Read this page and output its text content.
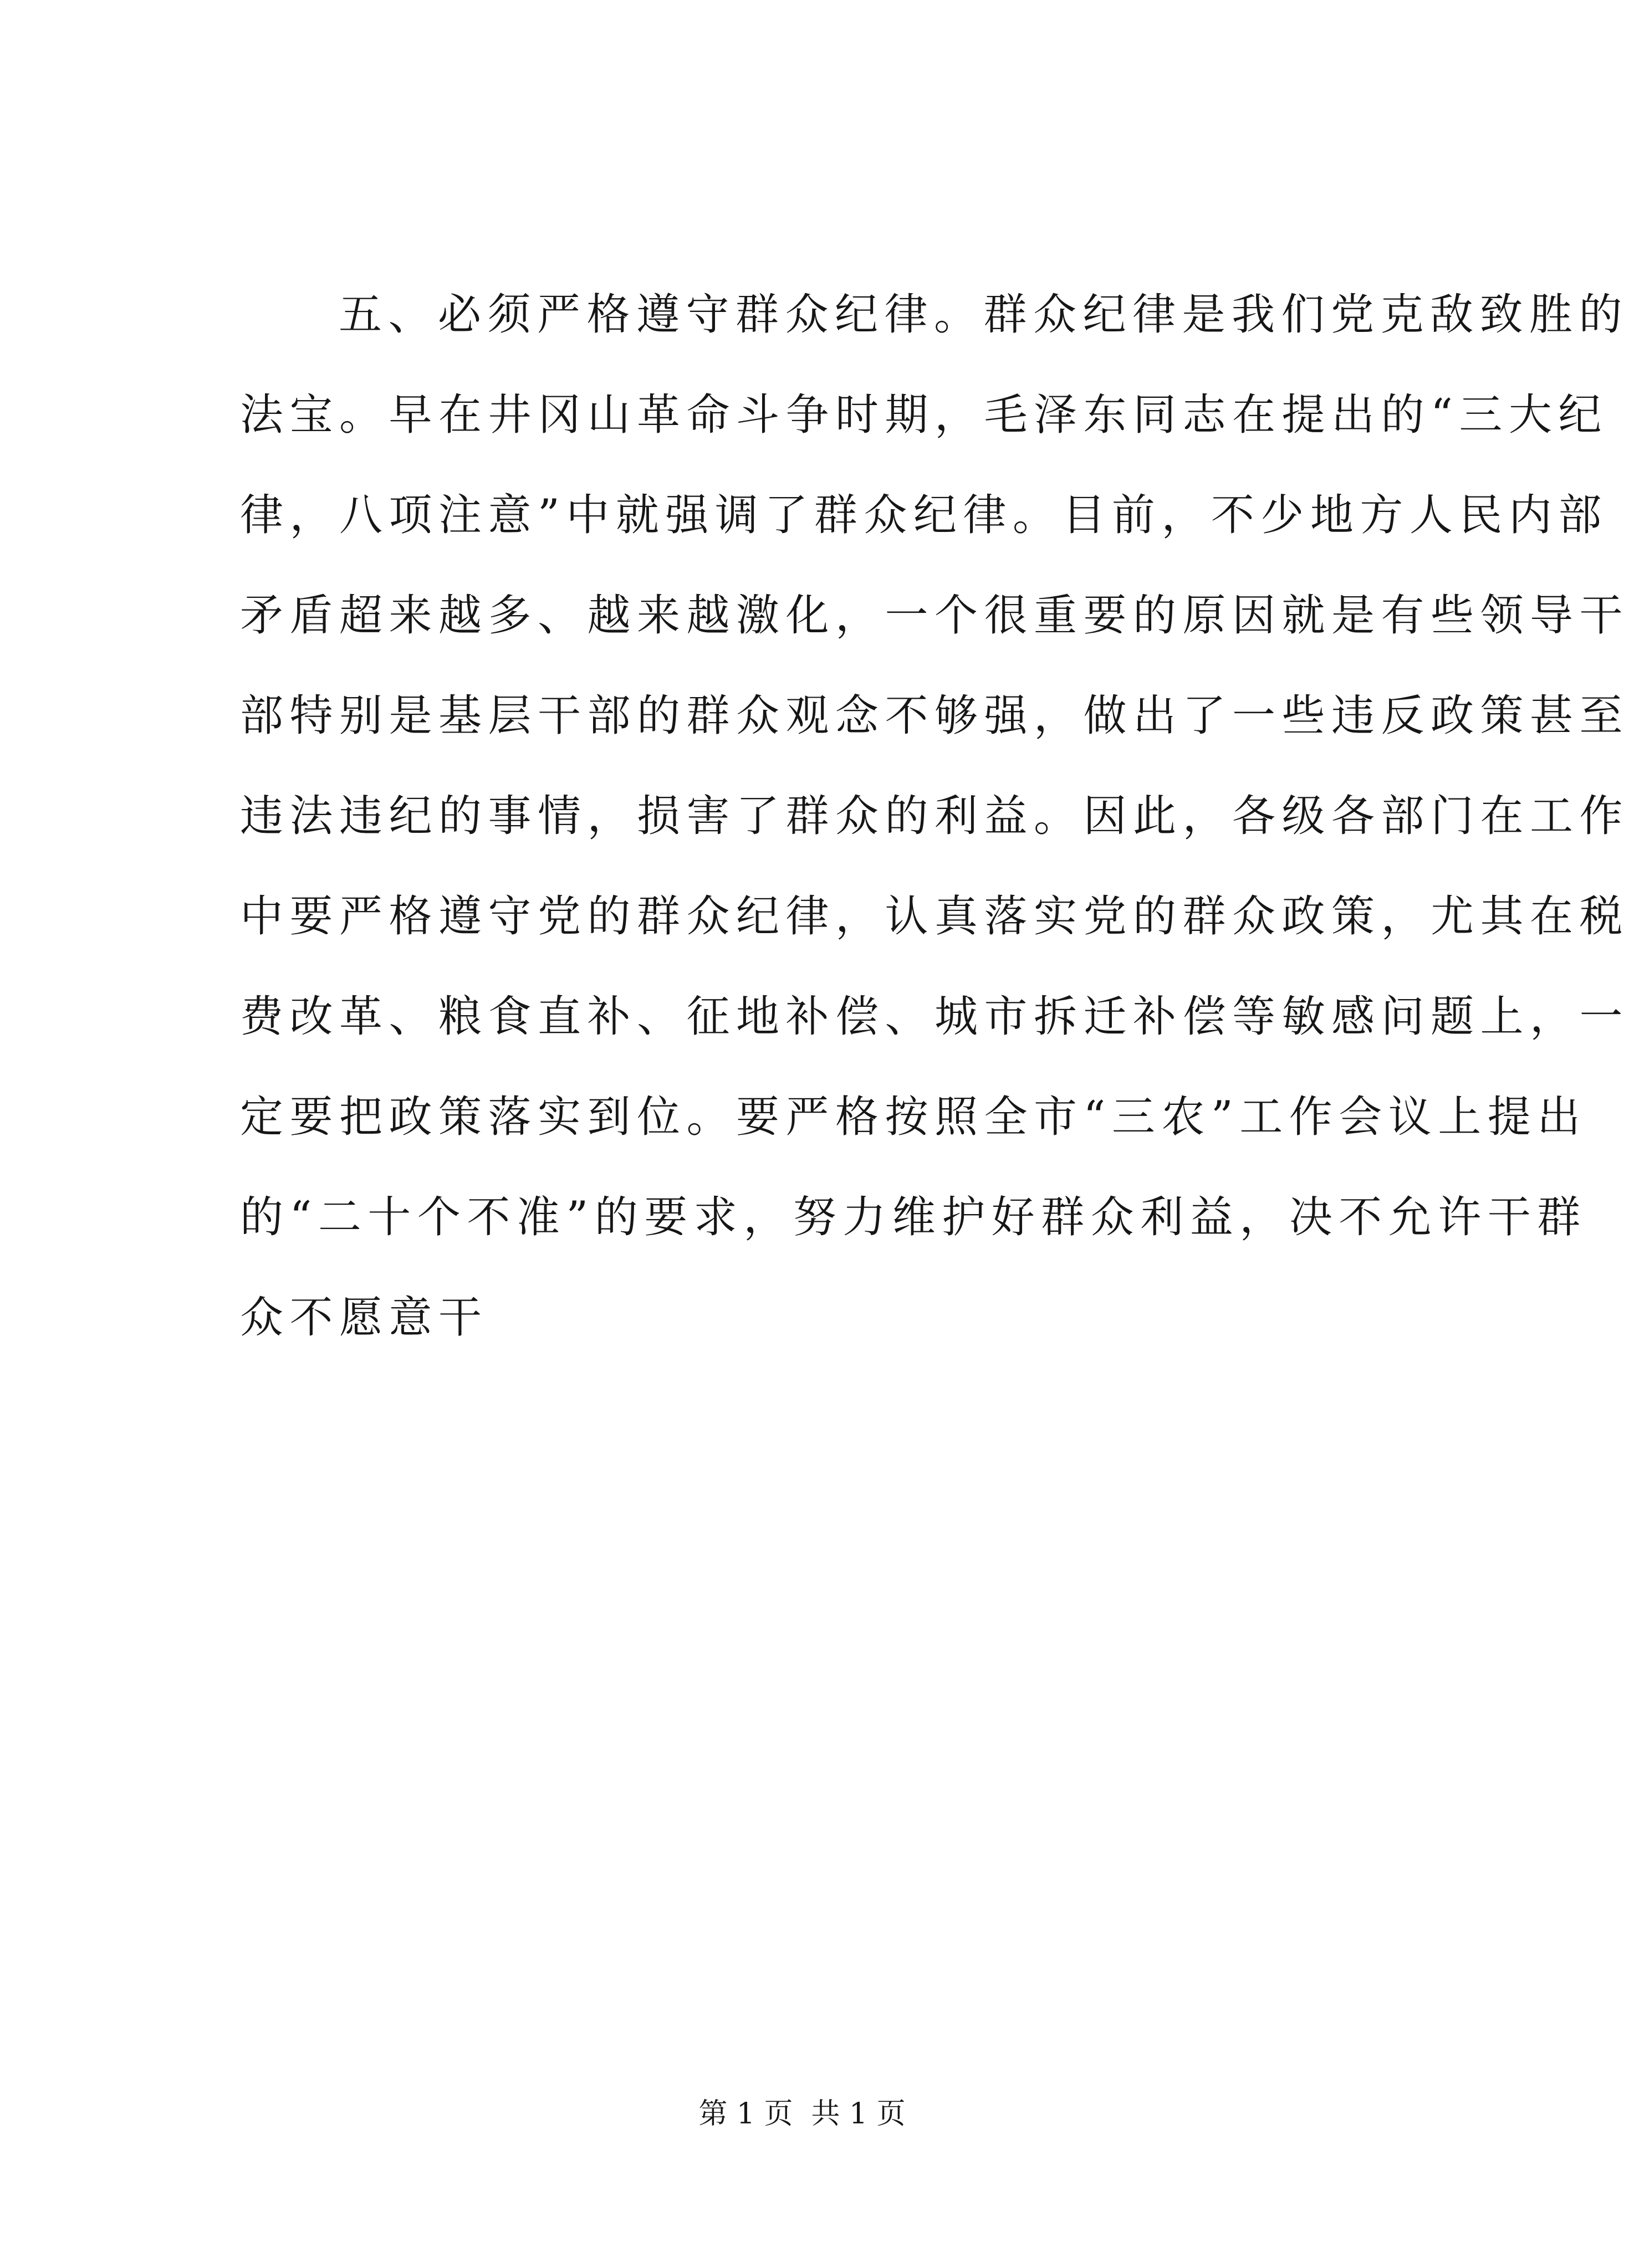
五、必须严格遵守群众纪律。群众纪律是我们党克敌致胜的
法宝。早在井冈山革命斗争时期，毛泽东同志在提出的“三大纪
律，八项注意”中就强调了群众纪律。目前，不少地方人民内部
矛盾超来越多、越来越激化，一个很重要的原因就是有些领导干
部特别是基层干部的群众观念不够强，做出了一些违反政策甚至
违法违纪的事情，损害了群众的利益。因此，各级各部门在工作
中要严格遵守党的群众纪律，认真落实党的群众政策，尤其在税
费改革、粮食直补、征地补偿、城市拆迁补偿等敏感问题上，一
定要把政策落实到位。要严格按照全市“三农”工作会议上提出
的“二十个不准”的要求，努力维护好群众利益，决不允许干群
众不愿意干
第 1 页  共 1 页
